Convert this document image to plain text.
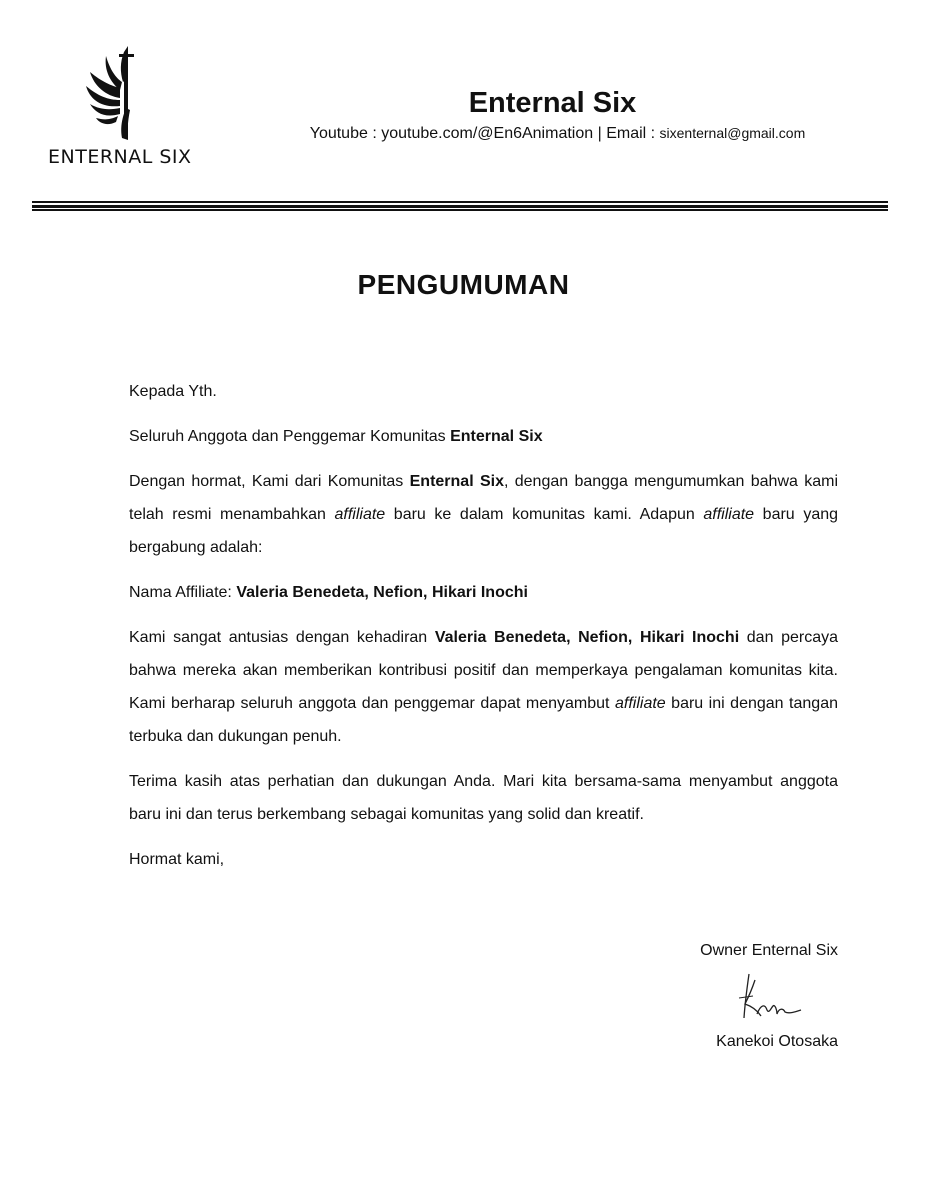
ENTERNAL SIX
Enternal Six
Youtube : youtube.com/@En6Animation | Email : sixenternal@gmail.com
PENGUMUMAN

Kepada Yth.

Seluruh Anggota dan Penggemar Komunitas Enternal Six

Dengan hormat, Kami dari Komunitas Enternal Six, dengan bangga mengumumkan bahwa kami telah resmi menambahkan affiliate baru ke dalam komunitas kami. Adapun affiliate baru yang bergabung adalah:

Nama Affiliate: Valeria Benedeta, Nefion, Hikari Inochi

Kami sangat antusias dengan kehadiran Valeria Benedeta, Nefion, Hikari Inochi dan percaya bahwa mereka akan memberikan kontribusi positif dan memperkaya pengalaman komunitas kita. Kami berharap seluruh anggota dan penggemar dapat menyambut affiliate baru ini dengan tangan terbuka dan dukungan penuh.

Terima kasih atas perhatian dan dukungan Anda. Mari kita bersama-sama menyambut anggota baru ini dan terus berkembang sebagai komunitas yang solid dan kreatif.

Hormat kami,

Owner Enternal Six
Kanekoi Otosaka
